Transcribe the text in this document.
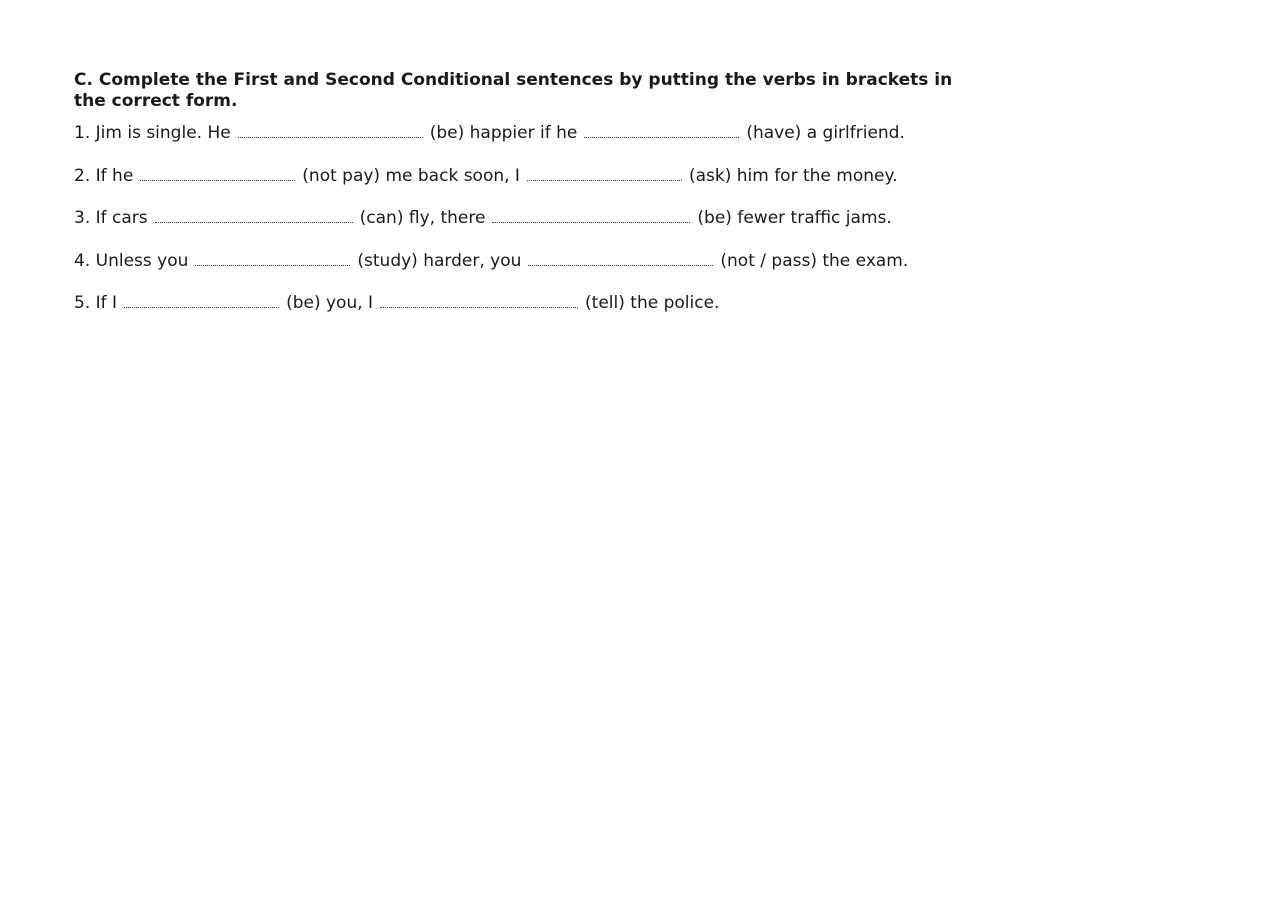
C. Complete the First and Second Conditional sentences by putting the verbs in brackets in the correct form.

1.
Jim is single. He	(be) happier if he	(have) a girlfriend.
2.
If he	(not pay) me back soon, I	(ask) him for the money.
3.
If cars	(can) fly, there	(be) fewer traffic jams.
4.
Unless you	(study) harder, you	(not / pass) the exam.
5.
If I	(be) you, I	(tell) the police.
